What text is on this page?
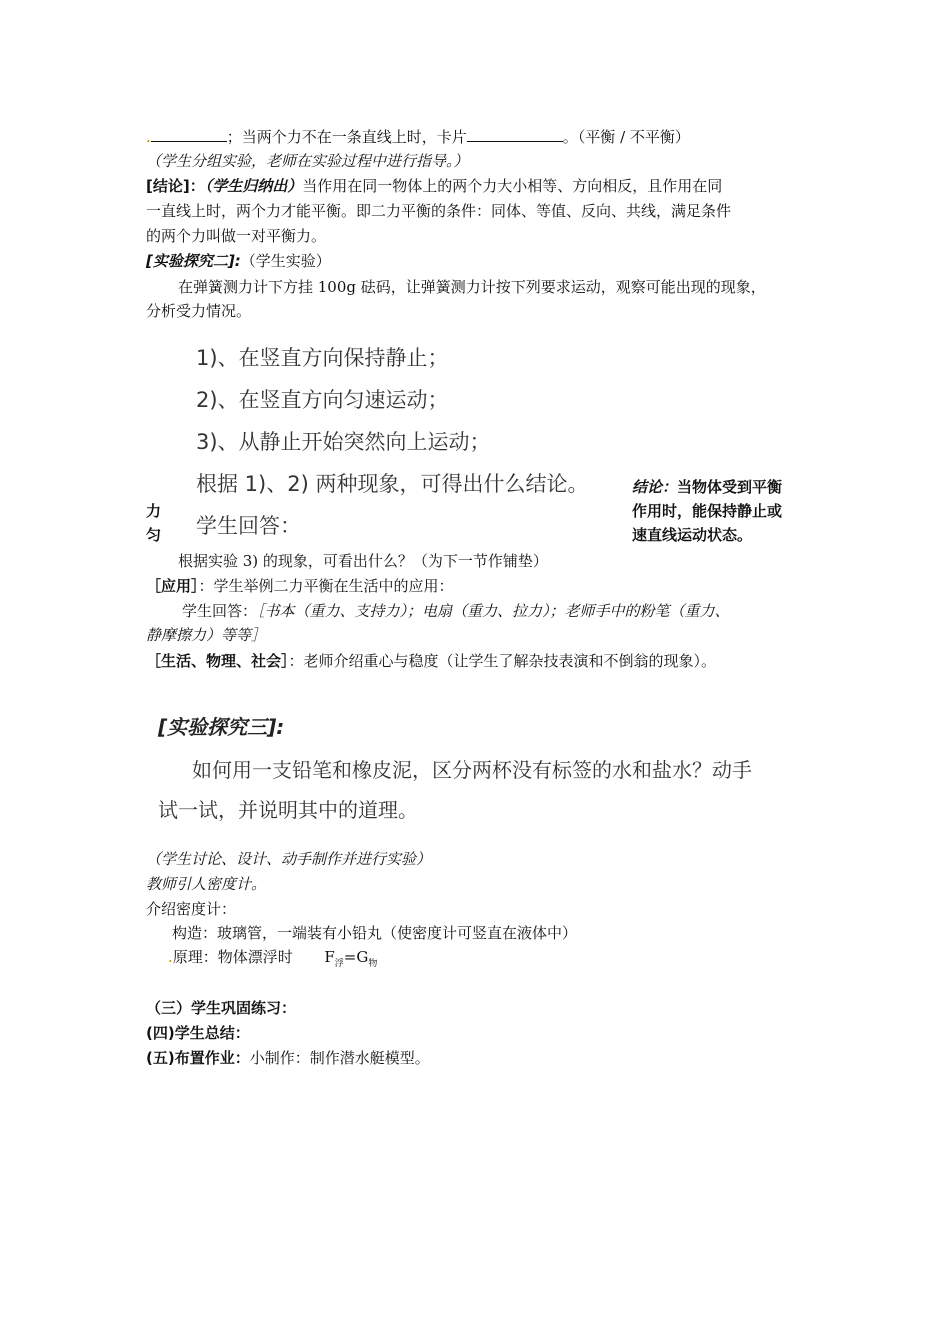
.	；当两个力不在一条直线上时，卡片	。（平衡 / 不平衡）
（学生分组实验，老师在实验过程中进行指导。）
[结论]：（学生归纳出）当作用在同一物体上的两个力大小相等、方向相反，且作用在同
一直线上时，两个力才能平衡。即二力平衡的条件：同体、等值、反向、共线，满足条件
的两个力叫做一对平衡力。
[实验探究二]:（学生实验）
在弹簧测力计下方挂 100g 砝码，让弹簧测力计按下列要求运动，观察可能出现的现象，
分析受力情况。
1)、在竖直方向保持静止；
2)、在竖直方向匀速运动；
3)、从静止开始突然向上运动；
根据 1)、2) 两种现象，可得出什么结论。
学生回答：
力
匀
结论：当物体受到平衡
作用时，能保持静止或
速直线运动状态。
根据实验 3) 的现象，可看出什么？（为下一节作铺垫）
［应用］：学生举例二力平衡在生活中的应用：
学生回答：［书本（重力、支持力）；电扇（重力、拉力）；老师手中的粉笔（重力、
静摩擦力）等等］
［生活、物理、社会］：老师介绍重心与稳度（让学生了解杂技表演和不倒翁的现象）。
[实验探究三]:
如何用一支铅笔和橡皮泥，区分两杯没有标签的水和盐水？动手
试一试，并说明其中的道理。
（学生讨论、设计、动手制作并进行实验）
教师引人密度计。
介绍密度计：
构造：玻璃管，一端装有小铅丸（使密度计可竖直在液体中）
.原理：物体漂浮时 $F_浮=G_物$
（三）学生巩固练习：
(四)学生总结：
(五)布置作业：小制作：制作潜水艇模型。
